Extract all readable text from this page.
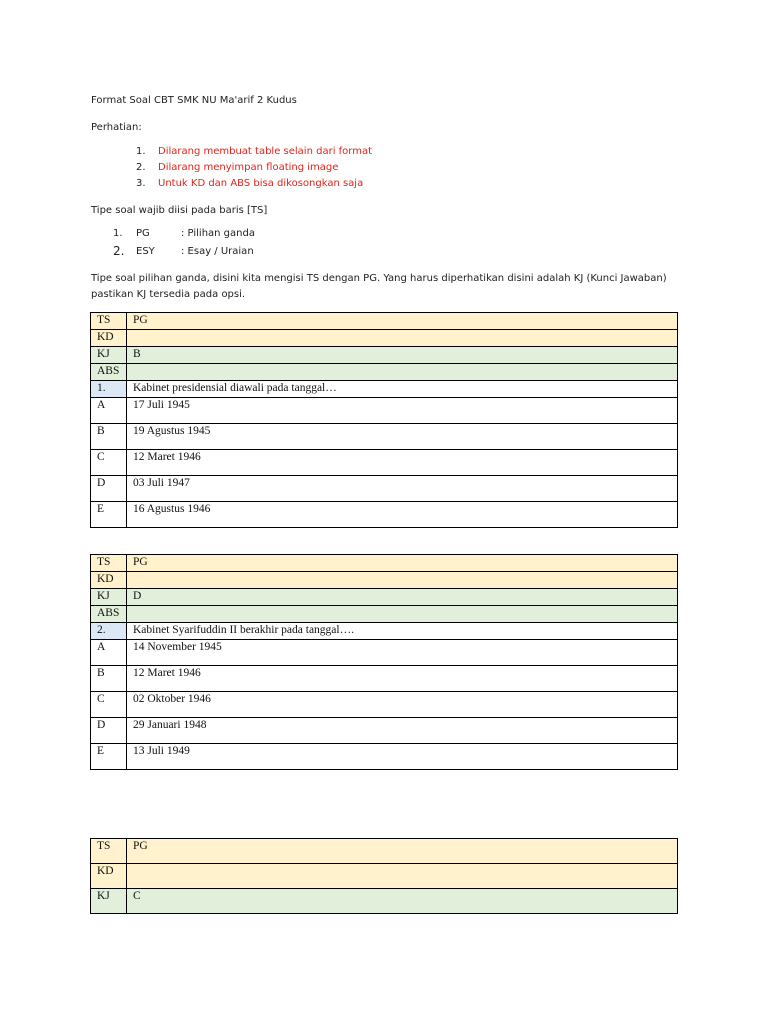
Format Soal CBT SMK NU Ma'arif 2 Kudus
Perhatian:
1. Dilarang membuat table selain dari format
2. Dilarang menyimpan floating image
3. Untuk KD dan ABS bisa dikosongkan saja
Tipe soal wajib diisi pada baris [TS]
1. PG	: Pilihan ganda
2. ESY	: Esay / Uraian
Tipe soal pilihan ganda, disini kita mengisi TS dengan PG. Yang harus diperhatikan disini adalah KJ (Kunci Jawaban) pastikan KJ tersedia pada opsi.
TS	PG
KD	
KJ	B
ABS	
1.	Kabinet presidensial diawali pada tanggal…
A	17 Juli 1945
B	19 Agustus 1945
C	12 Maret 1946
D	03 Juli 1947
E	16 Agustus 1946
TS	PG
KD	
KJ	D
ABS	
2.	Kabinet Syarifuddin II berakhir pada tanggal….
A	14 November 1945
B	12 Maret 1946
C	02 Oktober 1946
D	29 Januari 1948
E	13 Juli 1949
TS	PG
KD	
KJ	C
